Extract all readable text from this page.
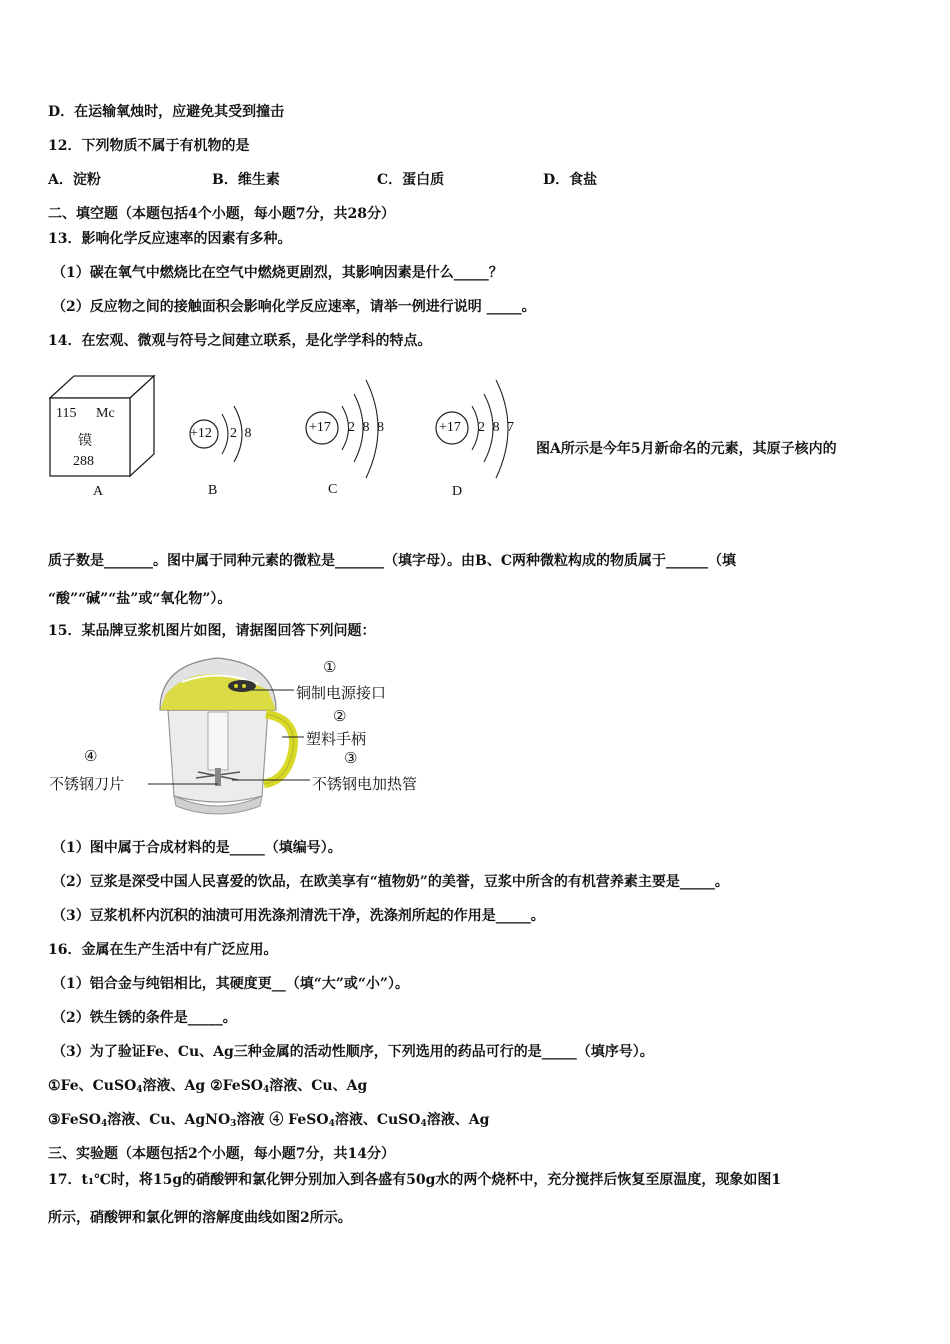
D．在运输氧烛时，应避免其受到撞击
12．下列物质不属于有机物的是
A．淀粉	B．维生素	C．蛋白质	D．食盐
二、填空题（本题包括4个小题，每小题7分，共28分）
13．影响化学反应速率的因素有多种。
（1）碳在氧气中燃烧比在空气中燃烧更剧烈，其影响因素是什么_____？
（2）反应物之间的接触面积会影响化学反应速率，请举一例进行说明 _____。
14．在宏观、微观与符号之间建立联系，是化学学科的特点。
115 Mc
镆
288
A
+12 2 8
B
+17 2 8 8
C
+17 2 8 7
D
图A所示是今年5月新命名的元素，其原子核内的
质子数是_______。图中属于同种元素的微粒是_______（填字母）。由B、C两种微粒构成的物质属于______（填
“酸”“碱”“盐”或“氧化物”）。
15．某品牌豆浆机图片如图，请据图回答下列问题：
①
铜制电源接口
②
塑料手柄
③
不锈钢电加热管
④
不锈钢刀片
（1）图中属于合成材料的是_____（填编号）。
（2）豆浆是深受中国人民喜爱的饮品，在欧美享有“植物奶”的美誉，豆浆中所含的有机营养素主要是_____。
（3）豆浆机杯内沉积的油渍可用洗涤剂清洗干净，洗涤剂所起的作用是_____。
16．金属在生产生活中有广泛应用。
（1）铝合金与纯铝相比，其硬度更__（填“大”或“小”）。
（2）铁生锈的条件是_____。
（3）为了验证Fe、Cu、Ag三种金属的活动性顺序，下列选用的药品可行的是_____（填序号）。
①Fe、CuSO$_4$溶液、Ag ②FeSO$_4$溶液、Cu、Ag
③FeSO$_4$溶液、Cu、AgNO$_3$溶液 ④ FeSO$_4$溶液、CuSO$_4$溶液、Ag
三、实验题（本题包括2个小题，每小题7分，共14分）
17．t₁℃时，将15g的硝酸钾和氯化钾分别加入到各盛有50g水的两个烧杯中，充分搅拌后恢复至原温度，现象如图1
所示，硝酸钾和氯化钾的溶解度曲线如图2所示。
